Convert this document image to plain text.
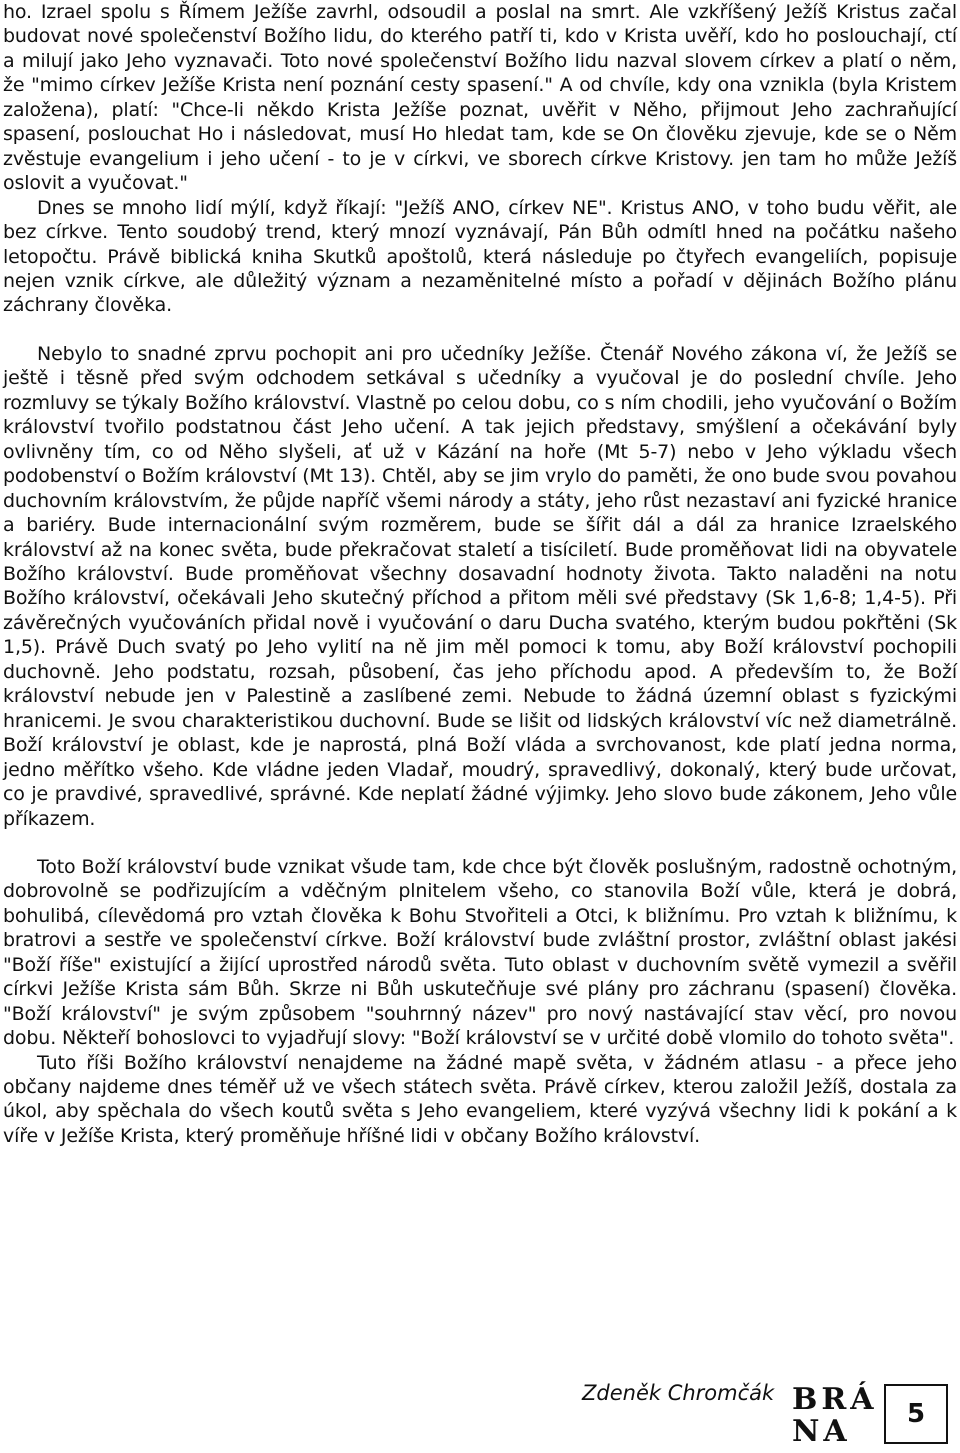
ho. Izrael spolu s Římem Ježíše zavrhl, odsoudil a poslal na smrt. Ale vzkříšený Ježíš Kristus začal budovat nové společenství Božího lidu, do kterého patří ti, kdo v Krista uvěří, kdo ho poslouchají, ctí a milují jako Jeho vyznavači. Toto nové společenství Božího lidu nazval slovem církev a platí o něm, že "mimo církev Ježíše Krista není poznání cesty spasení." A od chvíle, kdy ona vznikla (byla Kristem založena), platí: "Chce-li někdo Krista Ježíše poznat, uvěřit v Něho, přijmout Jeho zachraňující spasení, poslouchat Ho i následovat, musí Ho hledat tam, kde se On člověku zjevuje, kde se o Něm zvěstuje evangelium i jeho učení - to je v církvi, ve sborech církve Kristovy. jen tam ho může Ježíš oslovit a vyučovat."

Dnes se mnoho lidí mýlí, když říkají: "Ježíš ANO, církev NE". Kristus ANO, v toho budu věřit, ale bez církve. Tento soudobý trend, který mnozí vyznávají, Pán Bůh odmítl hned na počátku našeho letopočtu. Právě biblická kniha Skutků apoštolů, která následuje po čtyřech evangeliích, popisuje nejen vznik církve, ale důležitý význam a nezaměnitelné místo a pořadí v dějinách Božího plánu záchrany člověka.

Nebylo to snadné zprvu pochopit ani pro učedníky Ježíše. Čtenář Nového zákona ví, že Ježíš se ještě i těsně před svým odchodem setkával s učedníky a vyučoval je do poslední chvíle. Jeho rozmluvy se týkaly Božího království. Vlastně po celou dobu, co s ním chodili, jeho vyučování o Božím království tvořilo podstatnou část Jeho učení. A tak jejich představy, smýšlení a očekávání byly ovlivněny tím, co od Něho slyšeli, ať už v Kázání na hoře (Mt 5-7) nebo v Jeho výkladu všech podobenství o Božím království (Mt 13). Chtěl, aby se jim vrylo do paměti, že ono bude svou povahou duchovním královstvím, že půjde napříč všemi národy a státy, jeho růst nezastaví ani fyzické hranice a bariéry. Bude internacionální svým rozměrem, bude se šířit dál a dál za hranice Izraelského království až na konec světa, bude překračovat staletí a tisíciletí. Bude proměňovat lidi na obyvatele Božího království. Bude proměňovat všechny dosavadní hodnoty života. Takto naladěni na notu Božího království, očekávali Jeho skutečný příchod a přitom měli své představy (Sk 1,6-8; 1,4-5). Při závěrečných vyučováních přidal nově i vyučování o daru Ducha svatého, kterým budou pokřtěni (Sk 1,5). Právě Duch svatý po Jeho vylití na ně jim měl pomoci k tomu, aby Boží království pochopili duchovně. Jeho podstatu, rozsah, působení, čas jeho příchodu apod. A především to, že Boží království nebude jen v Palestině a zaslíbené zemi. Nebude to žádná územní oblast s fyzickými hranicemi. Je svou charakteristikou duchovní. Bude se lišit od lidských království víc než diametrálně. Boží království je oblast, kde je naprostá, plná Boží vláda a svrchovanost, kde platí jedna norma, jedno měřítko všeho. Kde vládne jeden Vladař, moudrý, spravedlivý, dokonalý, který bude určovat, co je pravdivé, spravedlivé, správné. Kde neplatí žádné výjimky. Jeho slovo bude zákonem, Jeho vůle příkazem.

Toto Boží království bude vznikat všude tam, kde chce být člověk poslušným, radostně ochotným, dobrovolně se podřizujícím a vděčným plnitelem všeho, co stanovila Boží vůle, která je dobrá, bohulibá, cílevědomá pro vztah člověka k Bohu Stvořiteli a Otci, k bližnímu. Pro vztah k bližnímu, k bratrovi a sestře ve společenství církve. Boží království bude zvláštní prostor, zvláštní oblast jakési "Boží říše" existující a žijící uprostřed národů světa. Tuto oblast v duchovním světě vymezil a svěřil církvi Ježíše Krista sám Bůh. Skrze ni Bůh uskutečňuje své plány pro záchranu (spasení) člověka. "Boží království" je svým způsobem "souhrnný název" pro nový nastávající stav věcí, pro novou dobu. Někteří bohoslovci to vyjadřují slovy: "Boží království se v určité době vlomilo do tohoto světa".

Tuto říši Božího království nenajdeme na žádné mapě světa, v žádném atlasu - a přece jeho občany najdeme dnes téměř už ve všech státech světa. Právě církev, kterou založil Ježíš, dostala za úkol, aby spěchala do všech koutů světa s Jeho evangeliem, které vyzývá všechny lidi k pokání a k víře v Ježíše Krista, který proměňuje hříšné lidi v občany Božího království.

Zdeněk Chromčák BRÁ
NA	5
